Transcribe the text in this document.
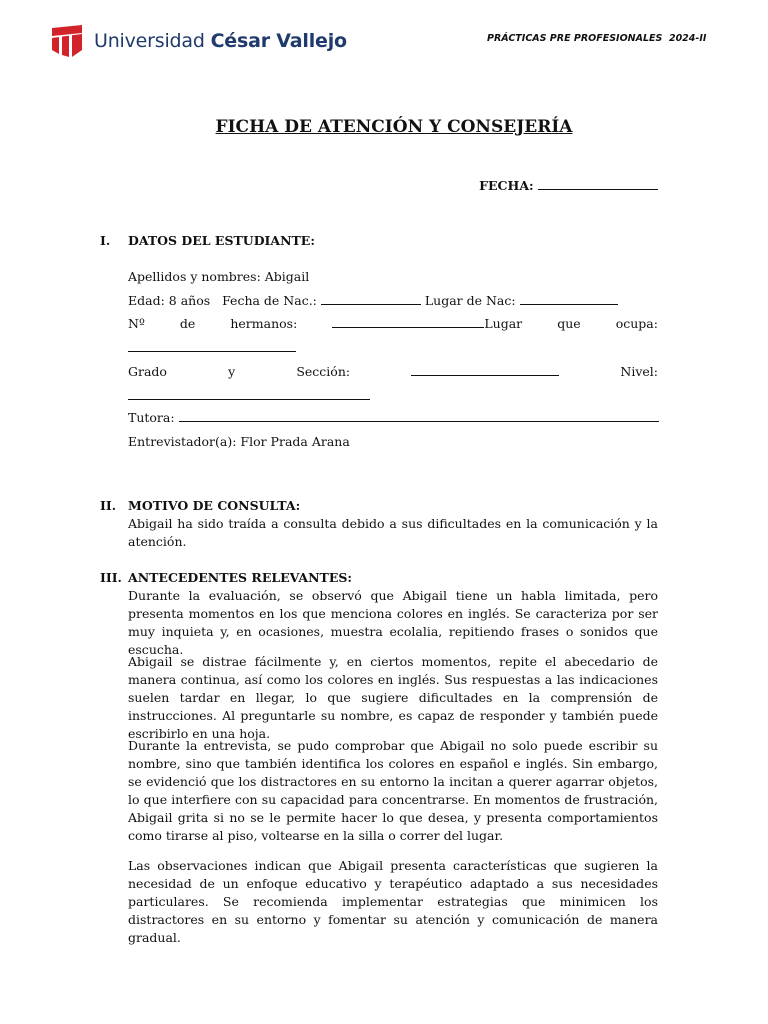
Universidad César Vallejo	PRÁCTICAS PRE PROFESIONALES  2024-II
FICHA DE ATENCIÓN Y CONSEJERÍA
FECHA:
I. DATOS DEL ESTUDIANTE:
Apellidos y nombres: Abigail
Edad: 8 años Fecha de Nac.:	Lugar de Nac:
Nº	de	hermanos:	Lugar	que	ocupa:
Grado	y	Sección:	Nivel:
Tutora:
Entrevistador(a): Flor Prada Arana
II. MOTIVO DE CONSULTA:
Abigail ha sido traída a consulta debido a sus dificultades en la comunicación y la atención.
III. ANTECEDENTES RELEVANTES:
Durante la evaluación, se observó que Abigail tiene un habla limitada, pero presenta momentos en los que menciona colores en inglés. Se caracteriza por ser muy inquieta y, en ocasiones, muestra ecolalia, repitiendo frases o sonidos que escucha.
Abigail se distrae fácilmente y, en ciertos momentos, repite el abecedario de manera continua, así como los colores en inglés. Sus respuestas a las indicaciones suelen tardar en llegar, lo que sugiere dificultades en la comprensión de instrucciones. Al preguntarle su nombre, es capaz de responder y también puede escribirlo en una hoja.
Durante la entrevista, se pudo comprobar que Abigail no solo puede escribir su nombre, sino que también identifica los colores en español e inglés. Sin embargo, se evidenció que los distractores en su entorno la incitan a querer agarrar objetos, lo que interfiere con su capacidad para concentrarse. En momentos de frustración, Abigail grita si no se le permite hacer lo que desea, y presenta comportamientos como tirarse al piso, voltearse en la silla o correr del lugar.
Las observaciones indican que Abigail presenta características que sugieren la necesidad de un enfoque educativo y terapéutico adaptado a sus necesidades particulares. Se recomienda implementar estrategias que minimicen los distractores en su entorno y fomentar su atención y comunicación de manera gradual.
